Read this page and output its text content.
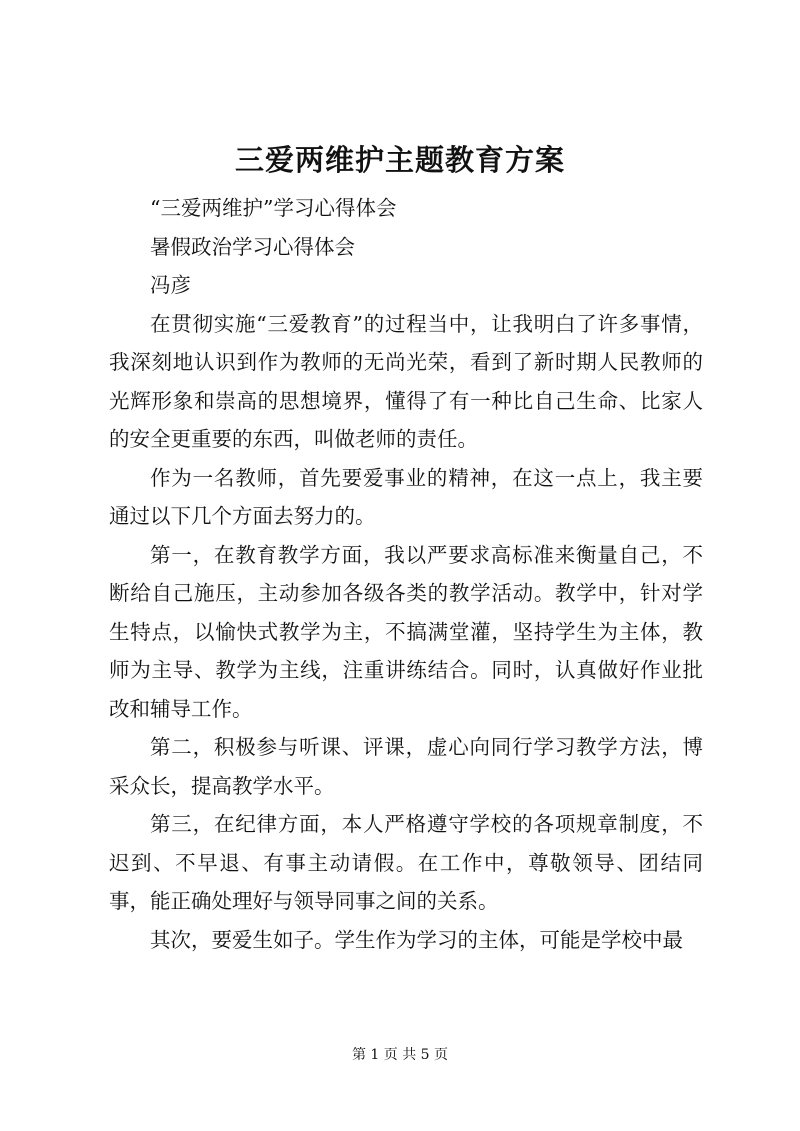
三爱两维护主题教育方案

“三爱两维护”学习心得体会

暑假政治学习心得体会

冯彦

在贯彻实施“三爱教育”的过程当中，让我明白了许多事情，我深刻地认识到作为教师的无尚光荣，看到了新时期人民教师的光辉形象和崇高的思想境界，懂得了有一种比自己生命、比家人的安全更重要的东西，叫做老师的责任。

作为一名教师，首先要爱事业的精神，在这一点上，我主要通过以下几个方面去努力的。

第一，在教育教学方面，我以严要求高标准来衡量自己，不断给自己施压，主动参加各级各类的教学活动。教学中，针对学生特点，以愉快式教学为主，不搞满堂灌，坚持学生为主体，教师为主导、教学为主线，注重讲练结合。同时，认真做好作业批改和辅导工作。

第二，积极参与听课、评课，虚心向同行学习教学方法，博采众长，提高教学水平。

第三，在纪律方面，本人严格遵守学校的各项规章制度，不迟到、不早退、有事主动请假。在工作中，尊敬领导、团结同事，能正确处理好与领导同事之间的关系。

其次，要爱生如子。学生作为学习的主体，可能是学校中最

第 1 页 共 5 页
